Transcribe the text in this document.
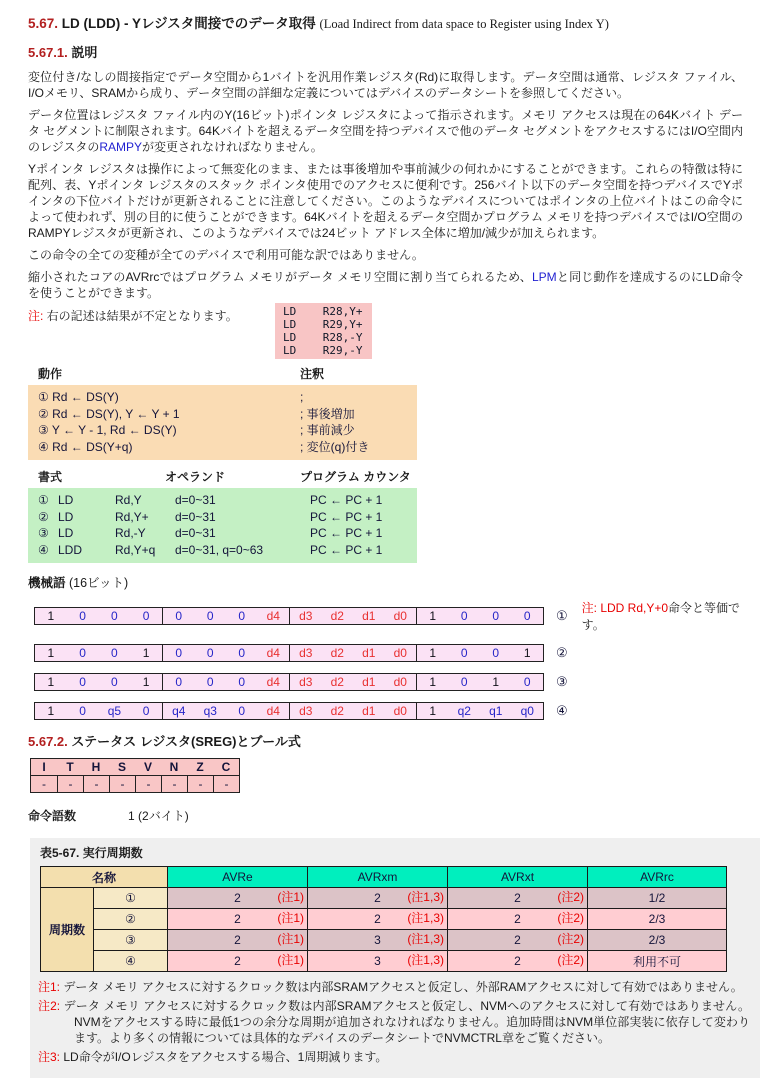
5.67. LD (LDD) - Yレジスタ間接でのデータ取得 (Load Indirect from data space to Register using Index Y)
5.67.1. 説明
変位付き/なしの間接指定でデータ空間から1バイトを汎用作業レジスタ(Rd)に取得します。データ空間は通常、レジスタ ファイル、I/Oメモリ、SRAMから成り、データ空間の詳細な定義についてはデバイスのデータシートを参照してください。
データ位置はレジスタ ファイル内のY(16ビット)ポインタ レジスタによって指示されます。メモリ アクセスは現在の64Kバイト データ セグメントに制限されます。64Kバイトを超えるデータ空間を持つデバイスで他のデータ セグメントをアクセスするにはI/O空間内のレジスタのRAMPYが変更されなければなりません。
Yポインタ レジスタは操作によって無変化のまま、または事後増加や事前減少の何れかにすることができます。これらの特徴は特に配列、表、Yポインタ レジスタのスタック ポインタ使用でのアクセスに便利です。256バイト以下のデータ空間を持つデバイスでYポインタの下位バイトだけが更新されることに注意してください。このようなデバイスについてはポインタの上位バイトはこの命令によって使われず、別の目的に使うことができます。64Kバイトを超えるデータ空間かプログラム メモリを持つデバイスではI/O空間のRAMPYレジスタが更新され、このようなデバイスでは24ビット アドレス全体に増加/減少が加えられます。
この命令の全ての変種が全てのデバイスで利用可能な訳ではありません。
縮小されたコアのAVRrcではプログラム メモリがデータ メモリ空間に割り当てられるため、LPMと同じ動作を達成するのにLD命令を使うことができます。
注: 右の記述は結果が不定となります。	LD    R28,Y+
LD    R29,Y+
LD    R28,-Y
LD    R29,-Y
動作	注釈
① Rd ← DS(Y)	;
② Rd ← DS(Y), Y ← Y + 1	; 事後増加
③ Y ← Y - 1, Rd ← DS(Y)	; 事前減少
④ Rd ← DS(Y+q)	; 変位(q)付き
書式	オペランド	プログラム カウンタ
① LD	Rd,Y	d=0~31	PC ← PC + 1
② LD	Rd,Y+	d=0~31	PC ← PC + 1
③ LD	Rd,-Y	d=0~31	PC ← PC + 1
④ LDD	Rd,Y+q	d=0~31, q=0~63	PC ← PC + 1
機械語 (16ビット)
1	0	0	0	0	0	0	d4	d3	d2	d1	d0	1	0	0	0	① 注: LDD Rd,Y+0命令と等価です。
1	0	0	1	0	0	0	d4	d3	d2	d1	d0	1	0	0	1	②
1	0	0	1	0	0	0	d4	d3	d2	d1	d0	1	0	1	0	③
1	0	q5	0	q4	q3	0	d4	d3	d2	d1	d0	1	q2	q1	q0	④
5.67.2. ステータス レジスタ(SREG)とブール式
I	T	H	S	V	N	Z	C
-	-	-	-	-	-	-	-
命令語数	1 (2バイト)
表5-67. 実行周期数
名称		AVRe	AVRxm	AVRxt	AVRrc
周期数	①	2 (注1)	2 (注1,3)	2 (注2)	1/2
	②	2 (注1)	2 (注1,3)	2 (注2)	2/3
	③	2 (注1)	3 (注1,3)	2 (注2)	2/3
	④	2 (注1)	3 (注1,3)	2 (注2)	利用不可
注1: データ メモリ アクセスに対するクロック数は内部SRAMアクセスと仮定し、外部RAMアクセスに対して有効ではありません。
注2: データ メモリ アクセスに対するクロック数は内部SRAMアクセスと仮定し、NVMへのアクセスに対して有効ではありません。NVMをアクセスする時に最低1つの余分な周期が追加されなければなりません。追加時間はNVM単位部実装に依存して変わります。より多くの情報については具体的なデバイスのデータシートでNVMCTRL章をご覧ください。
注3: LD命令がI/Oレジスタをアクセスする場合、1周期減ります。
